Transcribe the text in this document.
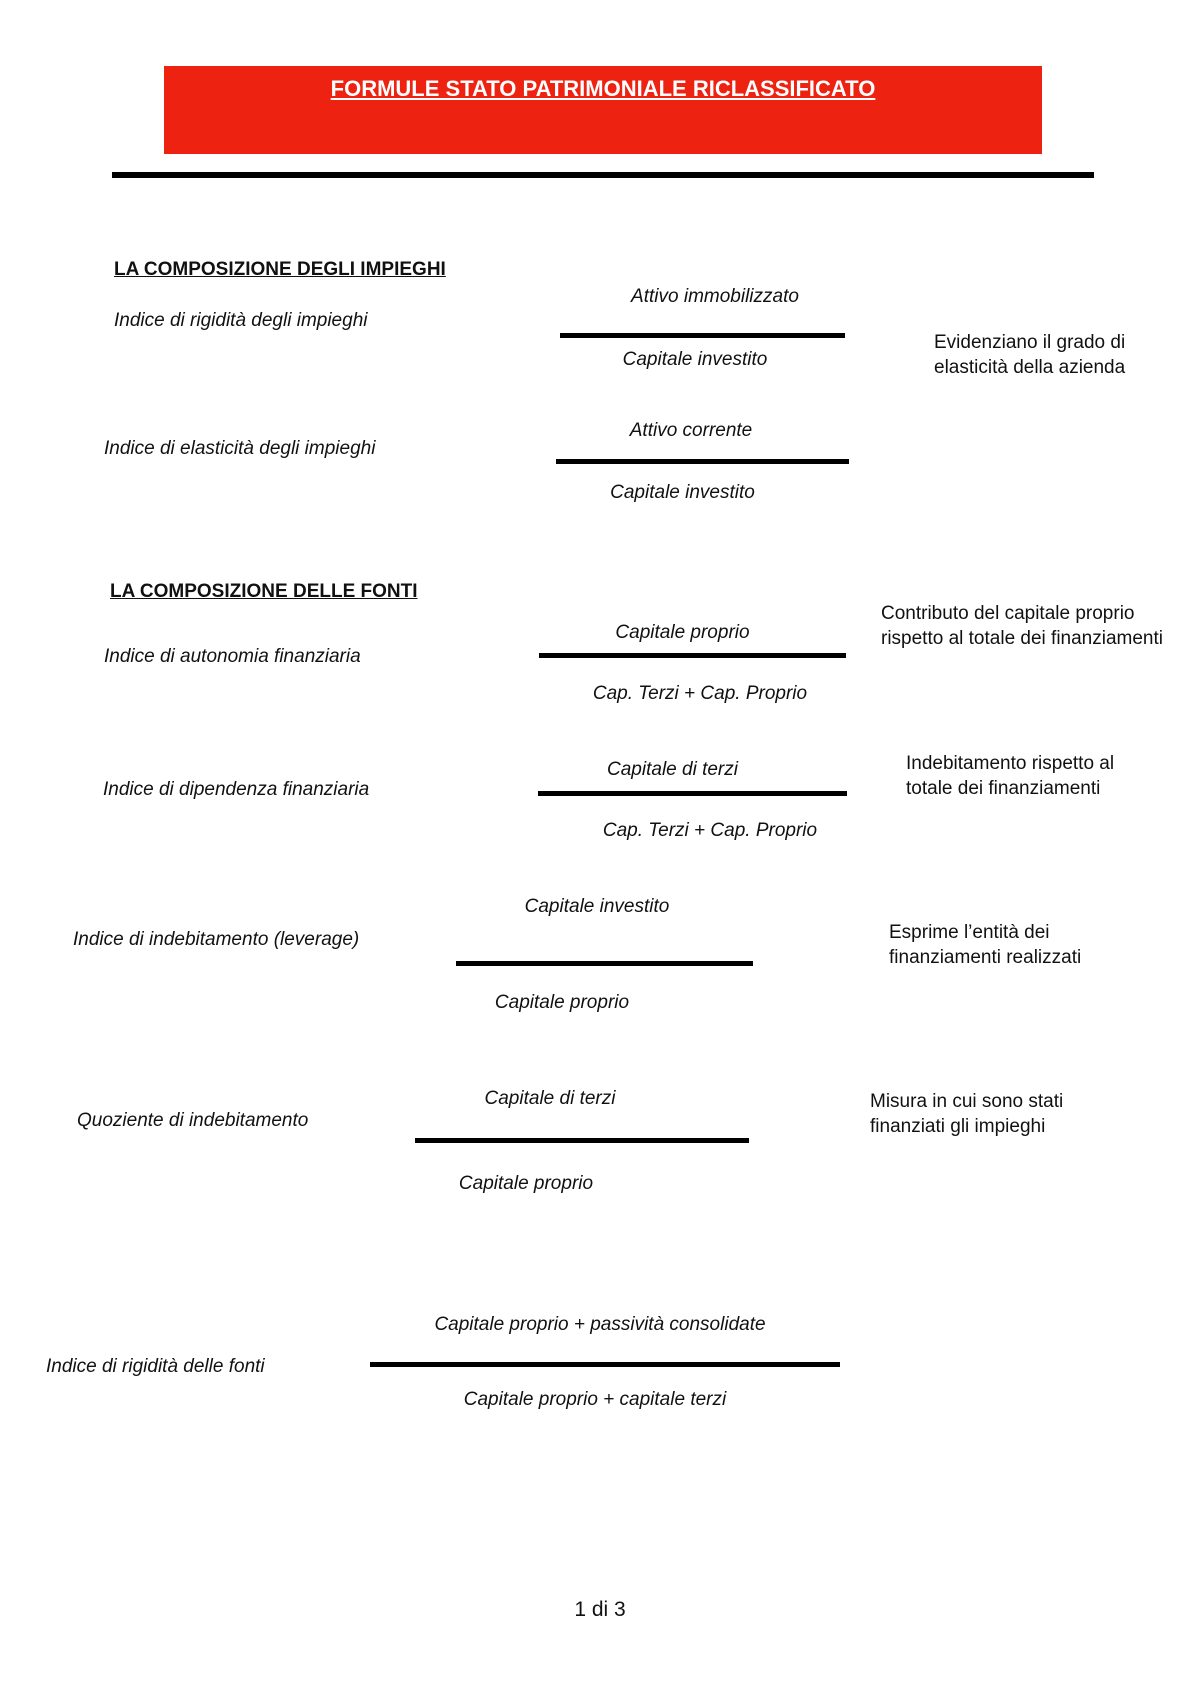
FORMULE STATO PATRIMONIALE RICLASSIFICATO
LA COMPOSIZIONE DEGLI IMPIEGHI
Indice di rigidità degli impieghi
Attivo immobilizzato
Capitale investito
Indice di elasticità degli impieghi
Attivo corrente
Capitale investito
Evidenziano il grado di elasticità della azienda
LA COMPOSIZIONE DELLE FONTI
Indice di autonomia finanziaria
Capitale proprio
Cap. Terzi + Cap. Proprio
Contributo del capitale proprio rispetto al totale dei finanziamenti
Indice di dipendenza finanziaria
Capitale di terzi
Cap. Terzi + Cap. Proprio
Indebitamento rispetto al totale dei finanziamenti
Indice di indebitamento (leverage)
Capitale investito
Capitale proprio
Esprime l’entità dei finanziamenti realizzati
Quoziente di indebitamento
Capitale di terzi
Capitale proprio
Misura in cui sono stati finanziati gli impieghi
Indice di rigidità delle fonti
Capitale proprio + passività consolidate
Capitale proprio + capitale terzi
1 di 3
